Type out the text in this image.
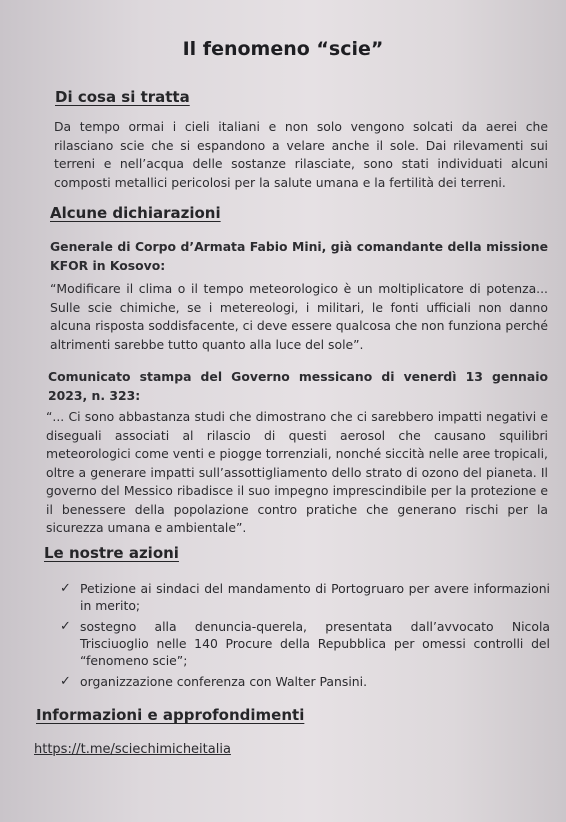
Il fenomeno “scie”
Di cosa si tratta
Da tempo ormai i cieli italiani e non solo vengono solcati da aerei che rilasciano scie che si espandono a velare anche il sole. Dai rilevamenti sui terreni e nell’acqua delle sostanze rilasciate, sono stati individuati alcuni composti metallici pericolosi per la salute umana e la fertilità dei terreni.
Alcune dichiarazioni
Generale di Corpo d’Armata Fabio Mini, già comandante della missione KFOR in Kosovo:
“Modificare il clima o il tempo meteorologico è un moltiplicatore di potenza... Sulle scie chimiche, se i metereologi, i militari, le fonti ufficiali non danno alcuna risposta soddisfacente, ci deve essere qualcosa che non funziona perché altrimenti sarebbe tutto quanto alla luce del sole”.
Comunicato stampa del Governo messicano di venerdì 13 gennaio 2023, n. 323:
“... Ci sono abbastanza studi che dimostrano che ci sarebbero impatti negativi e diseguali associati al rilascio di questi aerosol che causano squilibri meteorologici come venti e piogge torrenziali, nonché siccità nelle aree tropicali, oltre a generare impatti sull’assottigliamento dello strato di ozono del pianeta. Il governo del Messico ribadisce il suo impegno imprescindibile per la protezione e il benessere della popolazione contro pratiche che generano rischi per la sicurezza umana e ambientale”.
Le nostre azioni
✓ Petizione ai sindaci del mandamento di Portogruaro per avere informazioni in merito;
✓ sostegno alla denuncia-querela, presentata dall’avvocato Nicola Trisciuoglio nelle 140 Procure della Repubblica per omessi controlli del “fenomeno scie”;
✓ organizzazione conferenza con Walter Pansini.
Informazioni e approfondimenti
https://t.me/sciechimicheitalia
